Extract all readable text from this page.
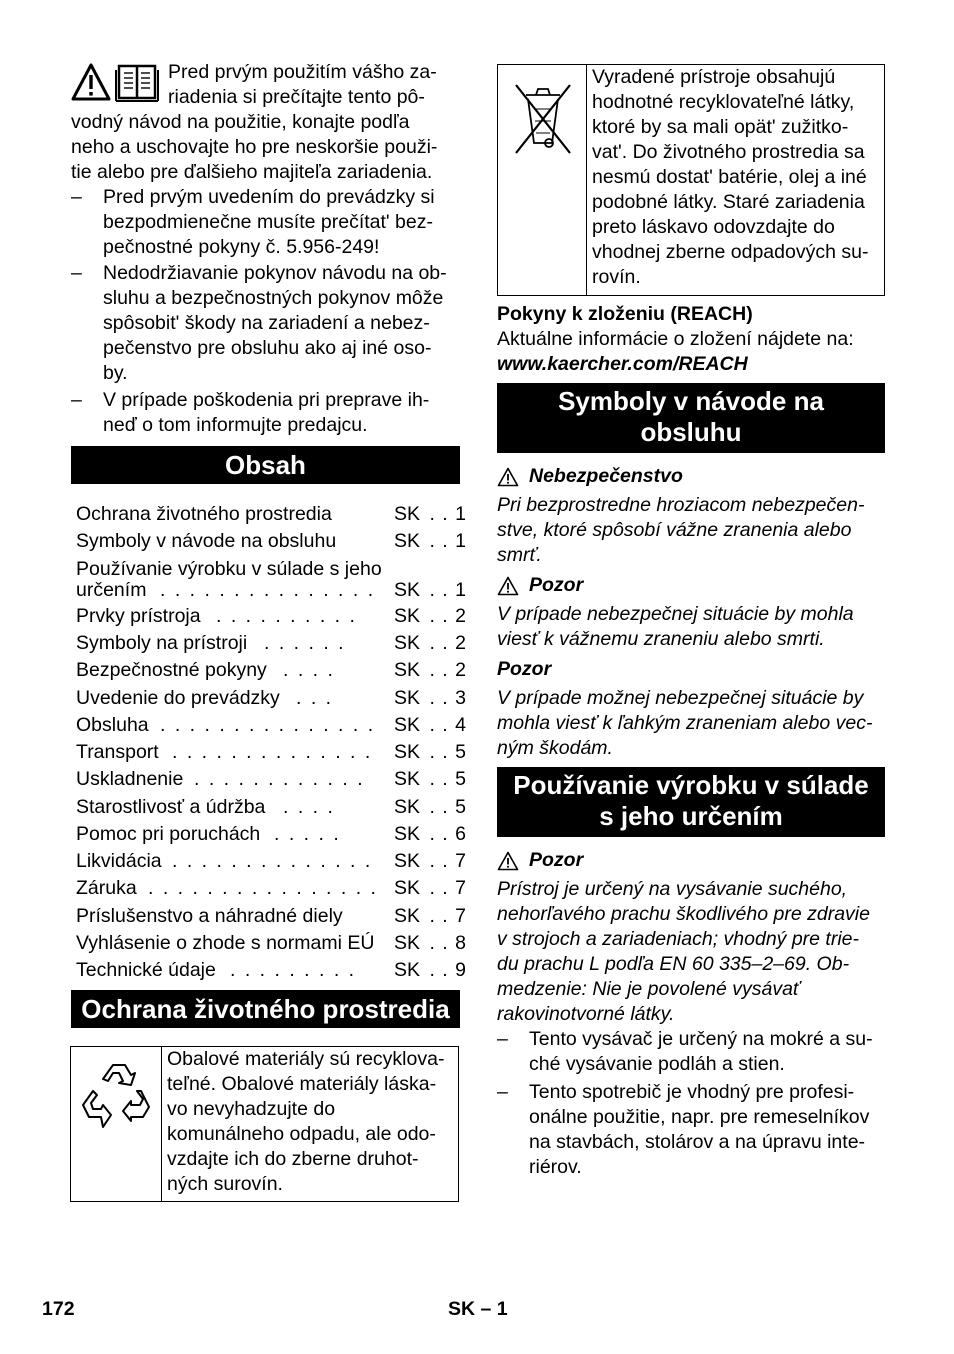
Pred prvým použitím vášho za-

riadenia si prečítajte tento pô-

vodný návod na použitie, konajte podľa

neho a uschovajte ho pre neskoršie použi-

tie alebo pre ďalšieho majiteľa zariadenia.

– Pred prvým uvedením do prevádzky si

bezpodmienečne musíte prečítat' bez-

pečnostné pokyny č. 5.956-249!

– Nedodržiavanie pokynov návodu na ob-

sluhu a bezpečnostných pokynov môže

spôsobit' škody na zariadení a nebez-

pečenstvo pre obsluhu ako aj iné oso-

by.

– V prípade poškodenia pri preprave ih-

neď o tom informujte predajcu.

Obsah
Ochrana životného prostredia	SK . . 1
Symboly v návode na obsluhu	SK . . 1
Používanie výrobku v súlade s jeho
určením . . . . . . . . . . . . . . . SK . . 1
Prvky prístroja . . . . . . . . . . SK . . 2
Symboly na prístroji . . . . . . SK . . 2
Bezpečnostné pokyny . . . .	SK . . 2
Uvedenie do prevádzky . . .	SK . . 3
Obsluha . . . . . . . . . . . . . . . SK . . 4
Transport . . . . . . . . . . . . . . SK . . 5
Uskladnenie . . . . . . . . . . . . SK . . 5
Starostlivosť a údržba . . . .	SK . . 5
Pomoc pri poruchách . . . . .	SK . . 6
Likvidácia . . . . . . . . . . . . . . SK . . 7
Záruka . . . . . . . . . . . . . . . . SK . . 7
Príslušenstvo a náhradné diely	SK . . 7
Vyhlásenie o zhode s normami EÚ SK . . 8
Technické údaje . . . . . . . . . SK . . 9
Ochrana životného prostredia

Obalové materiály sú recyklova-

teľné. Obalové materiály láska-

vo nevyhadzujte do

komunálneho odpadu, ale odo-

vzdajte ich do zberne druhot-

ných surovín.

Vyradené prístroje obsahujú

hodnotné recyklovateľné látky,

ktoré by sa mali opät' zužitko-

vat'. Do životného prostredia sa

nesmú dostat' batérie, olej a iné

podobné látky. Staré zariadenia

preto láskavo odovzdajte do

vhodnej zberne odpadových su-

rovín.

Pokyny k zloženiu (REACH)

Aktuálne informácie o zložení nájdete na:

www.kaercher.com/REACH

Symboly v návode na
obsluhu
Nebezpečenstvo

Pri bezprostredne hroziacom nebezpečen-

stve, ktoré spôsobí vážne zranenia alebo

smrť.

Pozor

V prípade nebezpečnej situácie by mohla

viesť k vážnemu zraneniu alebo smrti.

Pozor

V prípade možnej nebezpečnej situácie by

mohla viesť k ľahkým zraneniam alebo vec-

ným škodám.

Používanie výrobku v súlade
s jeho určením
Pozor

Prístroj je určený na vysávanie suchého,

nehorľavého prachu škodlivého pre zdravie

v strojoch a zariadeniach; vhodný pre trie-

du prachu L podľa EN 60 335–2–69. Ob-

medzenie: Nie je povolené vysávať

rakovinotvorné látky.

– Tento vysávač je určený na mokré a su-

ché vysávanie podláh a stien.

– Tento spotrebič je vhodný pre profesi-

onálne použitie, napr. pre remeselníkov

na stavbách, stolárov a na úpravu inte-

riérov.

172	SK – 1
